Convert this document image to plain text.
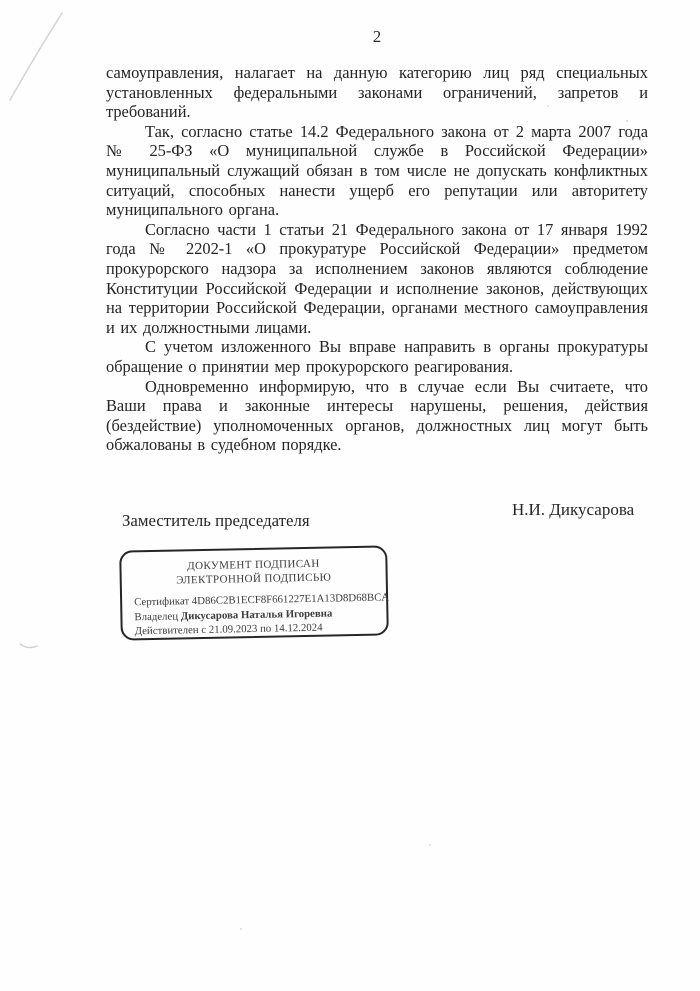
2

самоуправления, налагает на данную категорию лиц ряд специальных установленных федеральными законами ограничений, запретов и требований.

Так, согласно статье 14.2 Федерального закона от 2 марта 2007 года № 25-ФЗ «О муниципальной службе в Российской Федерации» муниципальный служащий обязан в том числе не допускать конфликтных ситуаций, способных нанести ущерб его репутации или авторитету муниципального органа.

Согласно части 1 статьи 21 Федерального закона от 17 января 1992 года № 2202-1 «О прокуратуре Российской Федерации» предметом прокурорского надзора за исполнением законов являются соблюдение Конституции Российской Федерации и исполнение законов, действующих на территории Российской Федерации, органами местного самоуправления и их должностными лицами.

С учетом изложенного Вы вправе направить в органы прокуратуры обращение о принятии мер прокурорского реагирования.

Одновременно информирую, что в случае если Вы считаете, что Ваши права и законные интересы нарушены, решения, действия (бездействие) уполномоченных органов, должностных лиц могут быть обжалованы в судебном порядке.

Заместитель председателя
Н.И. Дикусарова
ДОКУМЕНТ ПОДПИСАН
ЭЛЕКТРОННОЙ ПОДПИСЬЮ
Сертификат 4D86C2B1ECF8F661227E1A13D8D68BCA
Владелец Дикусарова Наталья Игоревна
Действителен с 21.09.2023 по 14.12.2024
